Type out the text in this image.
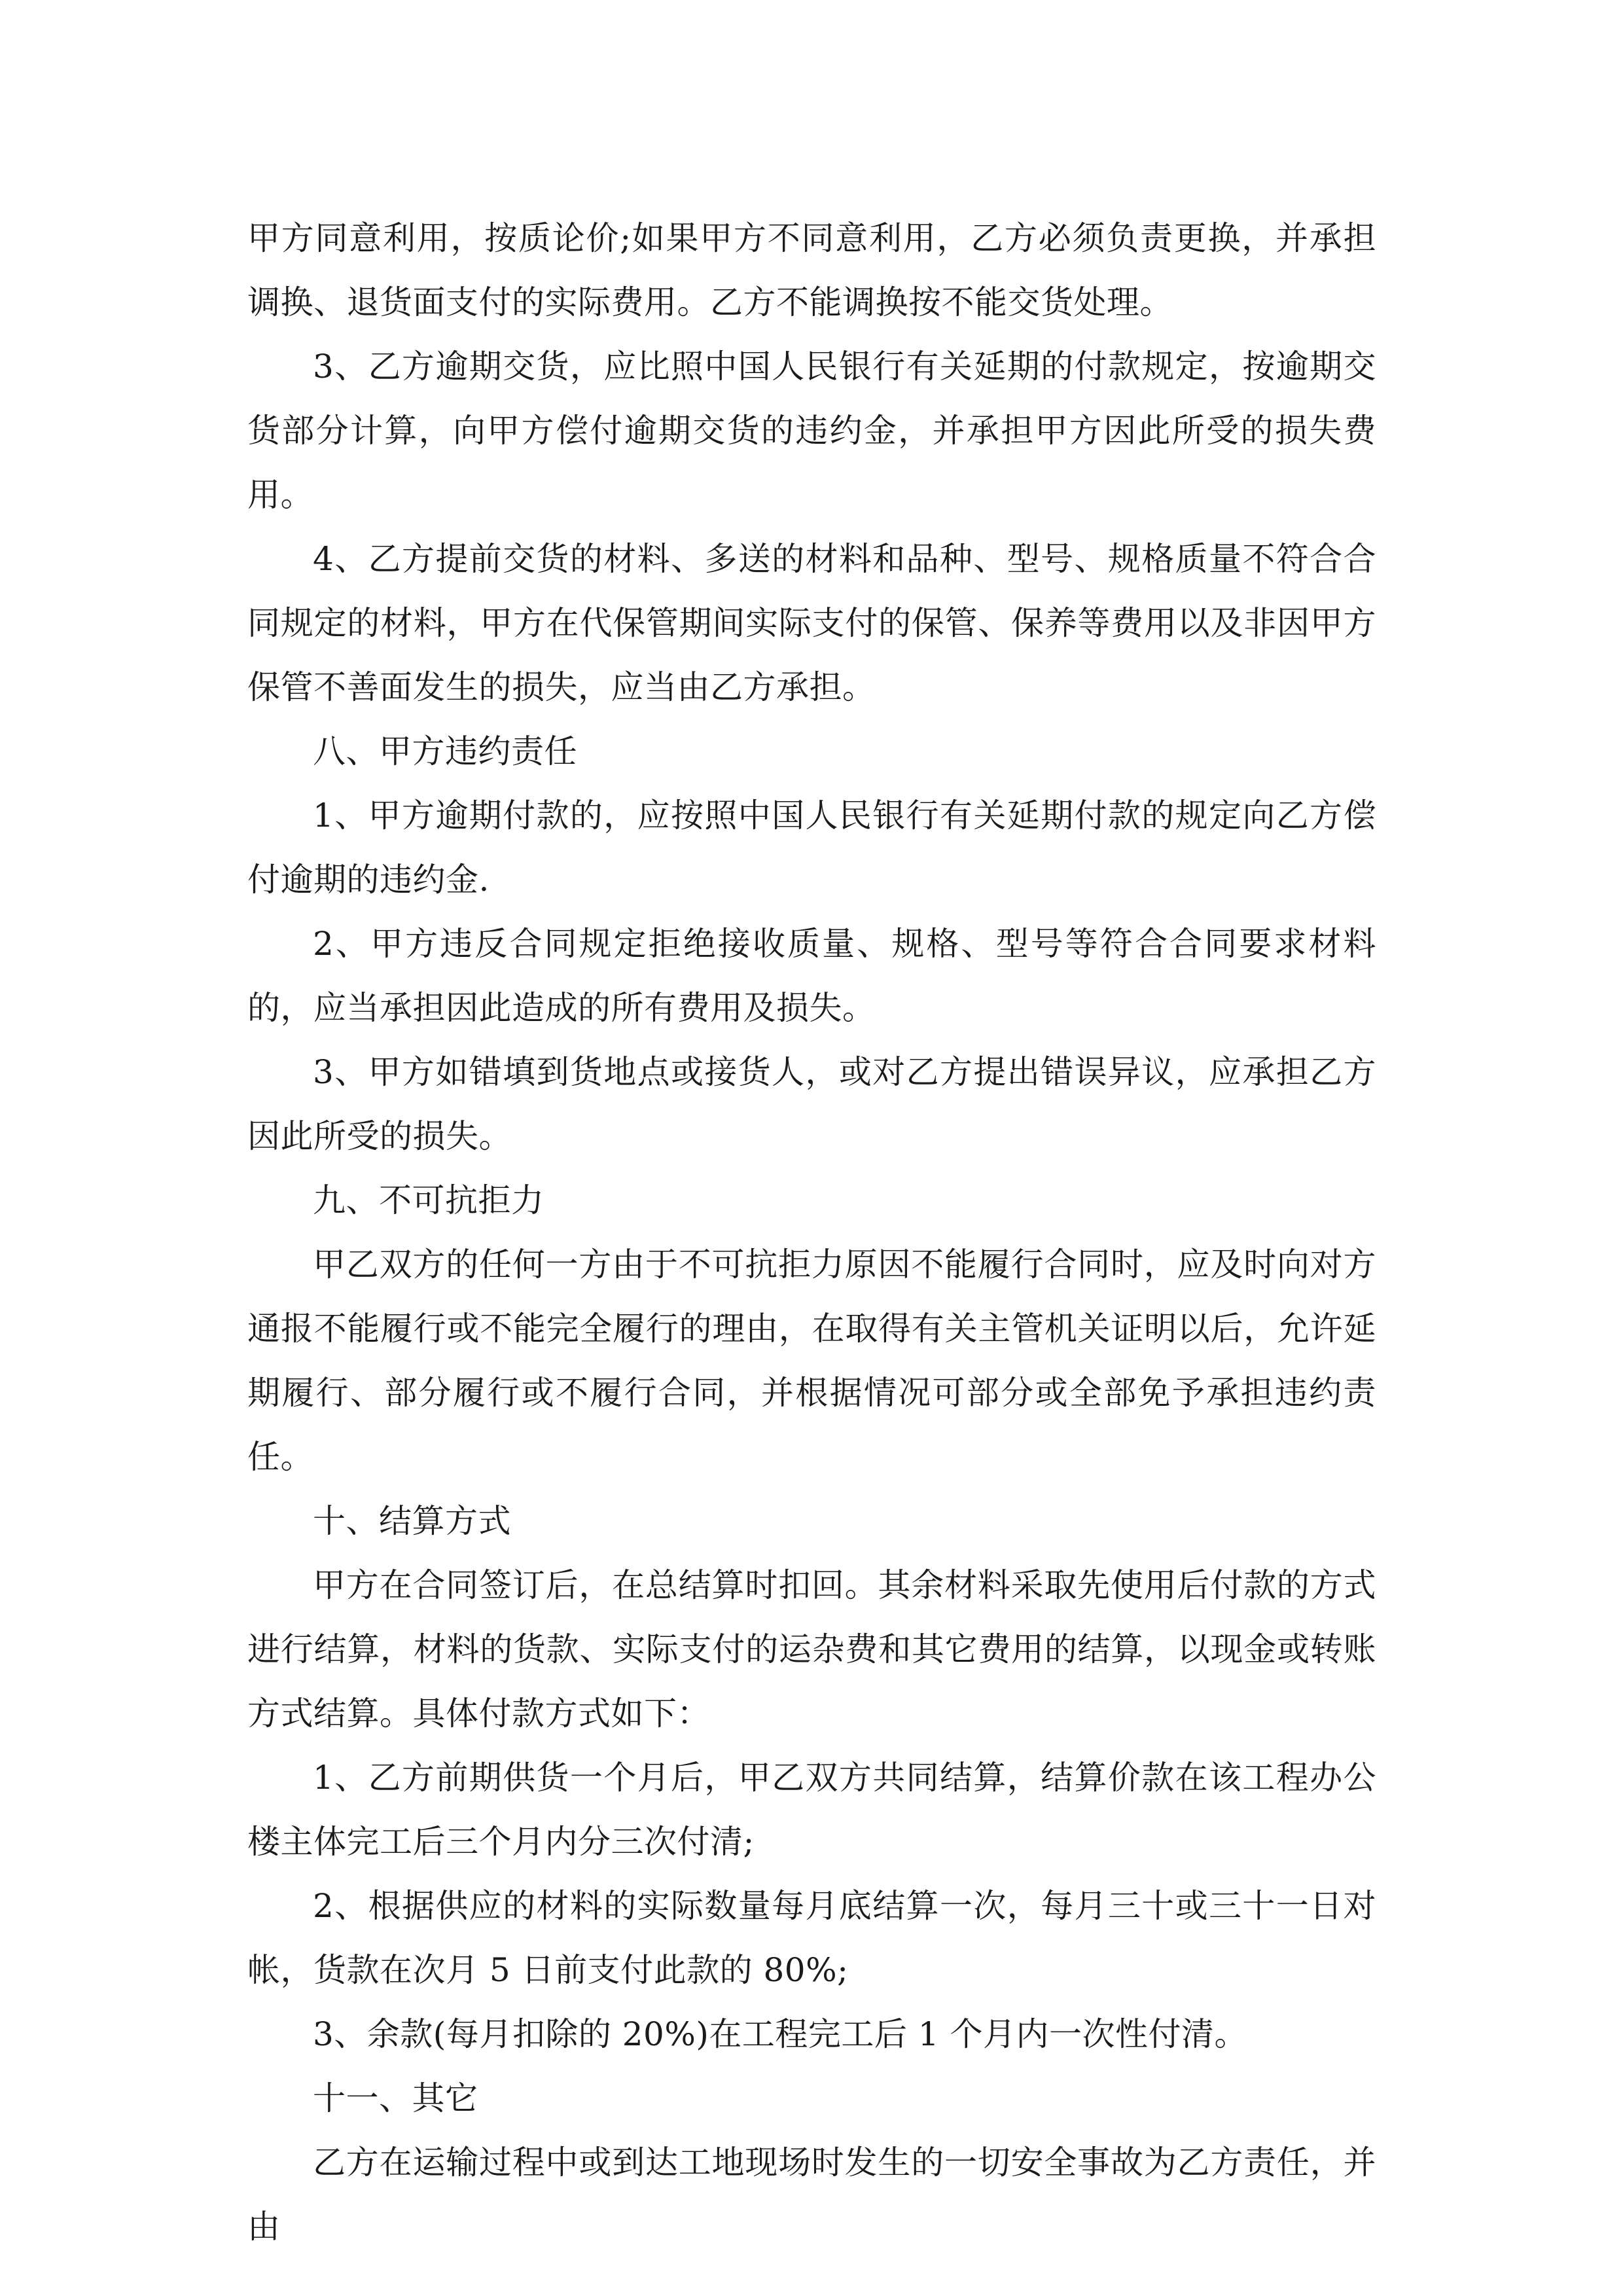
甲方同意利用，按质论价;如果甲方不同意利用，乙方必须负责更换，并承担调换、退货面支付的实际费用。乙方不能调换按不能交货处理。

3、乙方逾期交货，应比照中国人民银行有关延期的付款规定，按逾期交货部分计算，向甲方偿付逾期交货的违约金，并承担甲方因此所受的损失费用。

4、乙方提前交货的材料、多送的材料和品种、型号、规格质量不符合合同规定的材料，甲方在代保管期间实际支付的保管、保养等费用以及非因甲方保管不善面发生的损失，应当由乙方承担。

八、甲方违约责任

1、甲方逾期付款的，应按照中国人民银行有关延期付款的规定向乙方偿付逾期的违约金.

2、甲方违反合同规定拒绝接收质量、规格、型号等符合合同要求材料的，应当承担因此造成的所有费用及损失。

3、甲方如错填到货地点或接货人，或对乙方提出错误异议，应承担乙方因此所受的损失。

九、不可抗拒力

甲乙双方的任何一方由于不可抗拒力原因不能履行合同时，应及时向对方通报不能履行或不能完全履行的理由，在取得有关主管机关证明以后，允许延期履行、部分履行或不履行合同，并根据情况可部分或全部免予承担违约责任。

十、结算方式

甲方在合同签订后，在总结算时扣回。其余材料采取先使用后付款的方式进行结算，材料的货款、实际支付的运杂费和其它费用的结算，以现金或转账方式结算。具体付款方式如下：

1、乙方前期供货一个月后，甲乙双方共同结算，结算价款在该工程办公楼主体完工后三个月内分三次付清;

2、根据供应的材料的实际数量每月底结算一次，每月三十或三十一日对帐，货款在次月 5 日前支付此款的 80%;

3、余款(每月扣除的 20%)在工程完工后 1 个月内一次性付清。

十一、其它

乙方在运输过程中或到达工地现场时发生的一切安全事故为乙方责任，并由
